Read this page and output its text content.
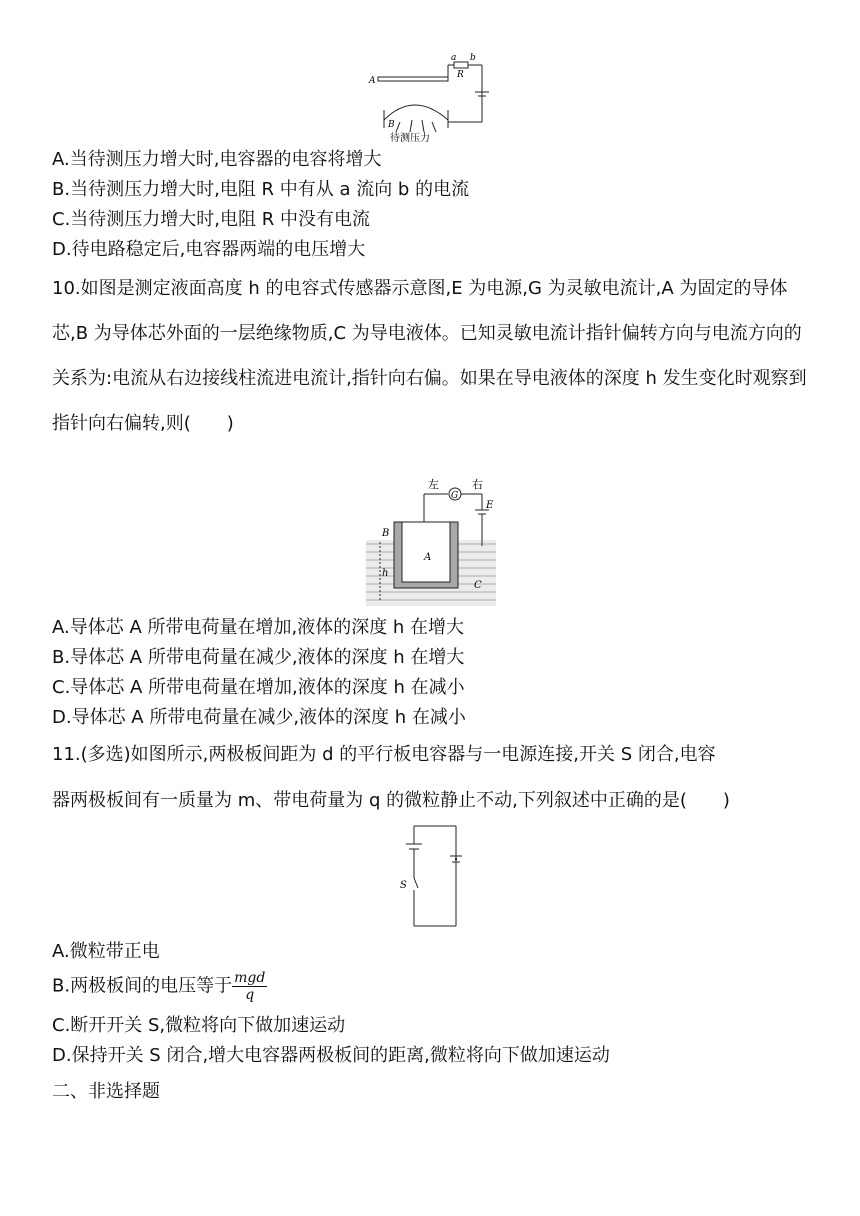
a b
R
A
B
待测压力
A.当待测压力增大时,电容器的电容将增大
B.当待测压力增大时,电阻 R 中有从 a 流向 b 的电流
C.当待测压力增大时,电阻 R 中没有电流
D.待电路稳定后,电容器两端的电压增大
10.如图是测定液面高度 h 的电容式传感器示意图,E 为电源,G 为灵敏电流计,A 为固定的导体芯,B 为导体芯外面的一层绝缘物质,C 为导电液体。已知灵敏电流计指针偏转方向与电流方向的关系为:电流从右边接线柱流进电流计,指针向右偏。如果在导电液体的深度 h 发生变化时观察到指针向右偏转,则(　　)
左	右
G
E
A
B
C
h
A.导体芯 A 所带电荷量在增加,液体的深度 h 在增大
B.导体芯 A 所带电荷量在减少,液体的深度 h 在增大
C.导体芯 A 所带电荷量在增加,液体的深度 h 在减小
D.导体芯 A 所带电荷量在减少,液体的深度 h 在减小
11.(多选)如图所示,两极板间距为 d 的平行板电容器与一电源连接,开关 S 闭合,电容
器两极板间有一质量为 m、带电荷量为 q 的微粒静止不动,下列叙述中正确的是(　　)
S
A.微粒带正电
B.两极板间的电压等于 $\frac{\text{mgd}}{q}$
C.断开开关 S,微粒将向下做加速运动
D.保持开关 S 闭合,增大电容器两极板间的距离,微粒将向下做加速运动
二、非选择题
